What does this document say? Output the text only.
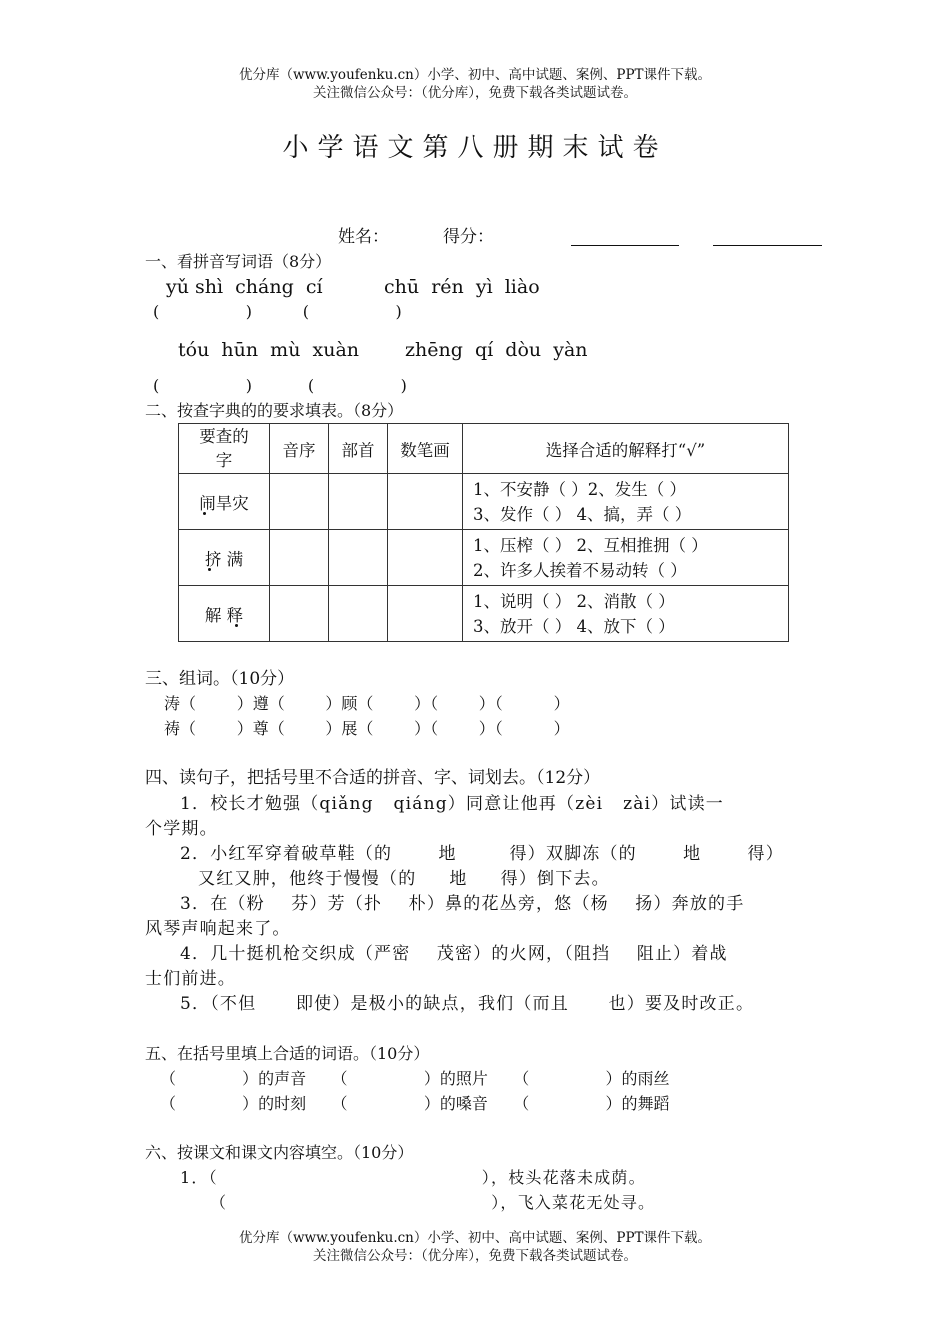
优分库（www.youfenku.cn）小学、初中、高中试题、案例、PPT课件下载。
关注微信公众号：（优分库），免费下载各类试题试卷。
小学语文第八册期末试卷
姓名：	得分：
一、看拼音写词语（8分）
yǔ shì  cháng  cí	chū  rén  yì  liào
(                 )          (                 )
tóu  hūn  mù  xuàn zhēng  qí  dòu  yàn
(                 )           (                 )
二、按查字典的的要求填表。（8分）
要查的字	音序	部首	数笔画	选择合适的解释打“√”
闹旱灾				1、不安静（ ）2、发生（ ）
3、发作（ ） 4、搞，弄（ ）

挤 满				1、压榨（ ） 2、互相推拥（ ）
2、许多人挨着不易动转（ ）

解 释				1、说明（ ） 2、消散（ ）
3、放开（ ） 4、放下（ ）
三、组词。（10分）
涛（        ）遵（        ）顾（        ）（        ）（          ）
祷（        ）尊（        ）展（        ）（        ）（          ）
四、读句子，把括号里不合适的拼音、字、词划去。（12分）
1．校长才勉强（qiǎng   qiáng）同意让他再（zèi   zài）试读一
个学期。
2．小红军穿着破草鞋（的       地        得）双脚冻（的       地       得）
又红又肿，他终于慢慢（的     地     得）倒下去。
3．在（粉    芬）芳（扑    朴）鼻的花丛旁，悠（杨    扬）奔放的手
风琴声响起来了。
4．几十挺机枪交织成（严密    茂密）的火网，（阻挡    阻止）着战
士们前进。
5．（不但      即使）是极小的缺点，我们（而且      也）要及时改正。
五、在括号里填上合适的词语。（10分）
（             ）的声音     （               ）的照片     （               ）的雨丝
（             ）的时刻     （               ）的嗓音     （               ）的舞蹈
六、按课文和课文内容填空。（10分）
1．（                                          ），枝头花落未成荫。
（                                          ），飞入菜花无处寻。
优分库（www.youfenku.cn）小学、初中、高中试题、案例、PPT课件下载。
关注微信公众号：（优分库），免费下载各类试题试卷。
